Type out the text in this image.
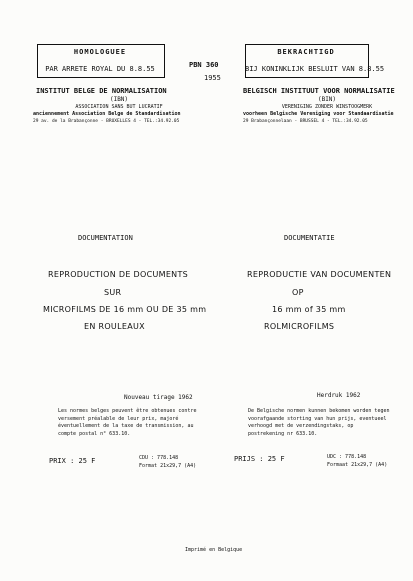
HOMOLOGUEE
PAR ARRETE ROYAL DU 8.8.55	PBN 360
1955
BEKRACHTIGD
BIJ KONINKLIJK BESLUIT VAN 8.8.55
INSTITUT BELGE DE NORMALISATION
(IBN)
ASSOCIATION SANS BUT LUCRATIF
anciennement Association Belge de Standardisation
29 av. de la Brabançonne - BRUXELLES 4 - TEL.:34.92.05
BELGISCH INSTITUUT VOOR NORMALISATIE
(BIN)
VERENIGING ZONDER WINSTOOGMERK
voorheen Belgische Vereniging voor Standaardisatie
29 Brabançonnelaan - BRUSSEL 4 - TEL.:34.92.05
DOCUMENTATION	DOCUMENTATIE
REPRODUCTION DE DOCUMENTS
SUR
MICROFILMS DE 16 mm OU DE 35 mm
EN ROULEAUX
REPRODUCTIE VAN DOCUMENTEN
OP
16 mm of 35 mm
ROLMICROFILMS
Nouveau tirage 1962	Herdruk 1962
Les normes belges peuvent être obtenues contre versement préalable de leur prix, majoré éventuellement de la taxe de transmission, au compte postal n° 633.10.
De Belgische normen kunnen bekomen worden tegen voorafgaande storting van hun prijs, eventueel verhoogd met de verzendingstaks, op postrekening nr 633.10.
PRIX : 25 F	CDU : 778.148
Format 21x29,7 (A4)
PRIJS : 25 F	UDC : 778.148
Formaat 21x29,7 (A4)
Imprimé en Belgique
